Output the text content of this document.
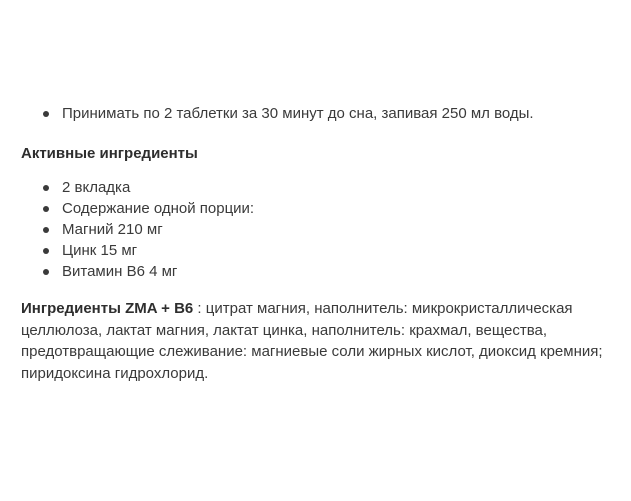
Принимать по 2 таблетки за 30 минут до сна, запивая 250 мл воды.
Активные ингредиенты
2 вкладка
Содержание одной порции:
Магний 210 мг
Цинк 15 мг
Витамин В6 4 мг

Ингредиенты ZMA + B6 : цитрат магния, наполнитель: микрокристаллическая целлюлоза, лактат магния, лактат цинка, наполнитель: крахмал, вещества, предотвращающие слеживание: магниевые соли жирных кислот, диоксид кремния; пиридоксина гидрохлорид.
